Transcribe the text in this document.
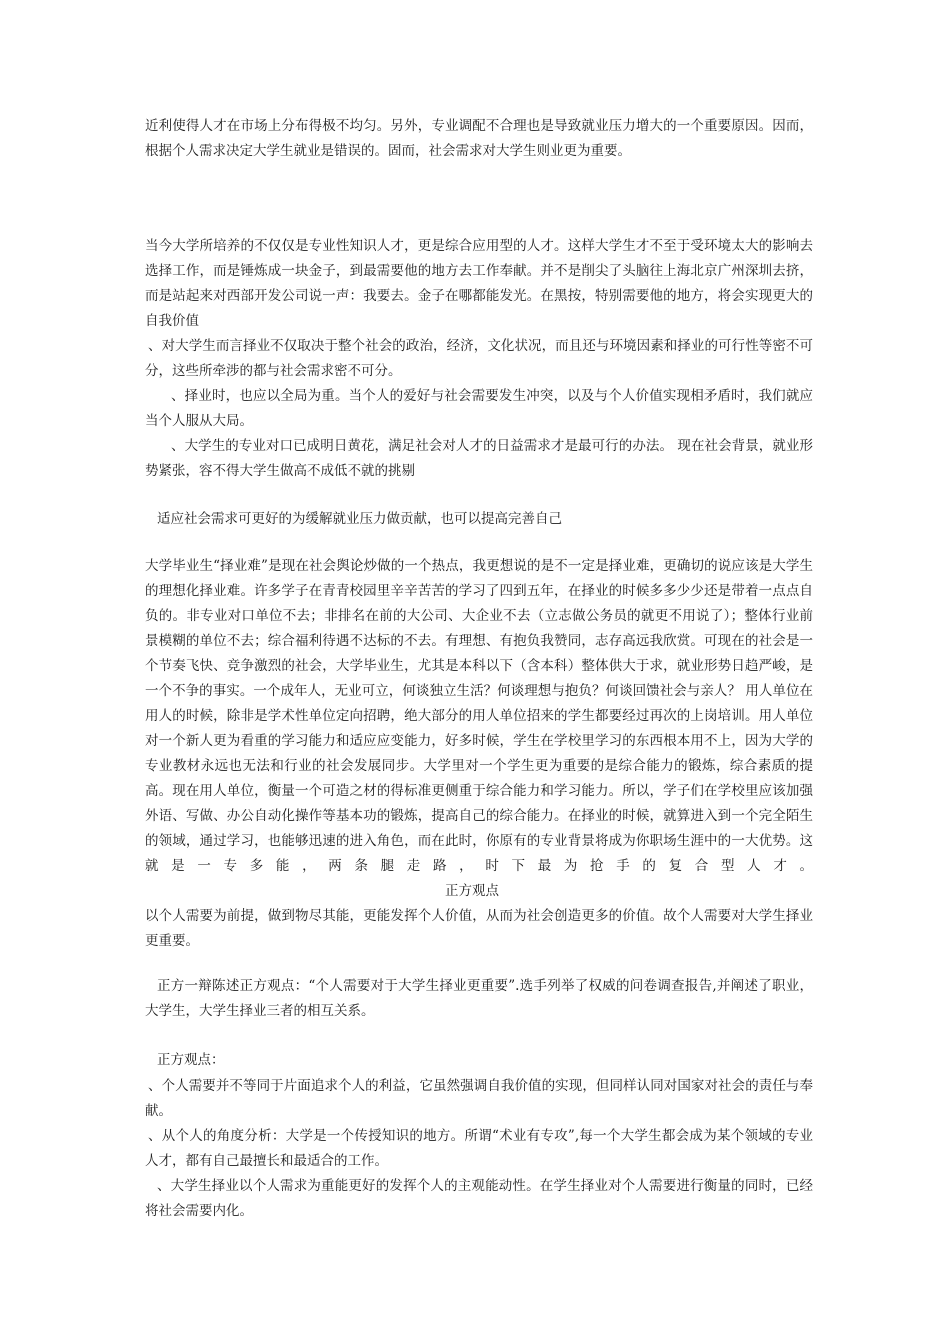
近利使得人才在市场上分布得极不均匀。另外，专业调配不合理也是导致就业压力增大的一个重要原因。因而，根据个人需求决定大学生就业是错误的。固而，社会需求对大学生则业更为重要。

当今大学所培养的不仅仅是专业性知识人才，更是综合应用型的人才。这样大学生才不至于受环境太大的影响去选择工作，而是锤炼成一块金子，到最需要他的地方去工作奉献。并不是削尖了头脑往上海北京广州深圳去挤，而是站起来对西部开发公司说一声：我要去。金子在哪都能发光。在黑按，特别需要他的地方，将会实现更大的自我价值

、对大学生而言择业不仅取决于整个社会的政治，经济，文化状况，而且还与环境因素和择业的可行性等密不可分，这些所牵涉的都与社会需求密不可分。

、择业时，也应以全局为重。当个人的爱好与社会需要发生冲突，以及与个人价值实现相矛盾时，我们就应当个人服从大局。

、大学生的专业对口已成明日黄花，满足社会对人才的日益需求才是最可行的办法。 现在社会背景，就业形势紧张，容不得大学生做高不成低不就的挑剔

适应社会需求可更好的为缓解就业压力做贡献，也可以提高完善自己

大学毕业生“择业难”是现在社会舆论炒做的一个热点，我更想说的是不一定是择业难，更确切的说应该是大学生的理想化择业难。许多学子在青青校园里辛辛苦苦的学习了四到五年，在择业的时候多多少少还是带着一点点自负的。非专业对口单位不去；非排名在前的大公司、大企业不去（立志做公务员的就更不用说了）；整体行业前景模糊的单位不去；综合福利待遇不达标的不去。有理想、有抱负我赞同，志存高远我欣赏。可现在的社会是一个节奏飞快、竞争激烈的社会，大学毕业生，尤其是本科以下（含本科）整体供大于求，就业形势日趋严峻，是一个不争的事实。一个成年人，无业可立，何谈独立生活？何谈理想与抱负？何谈回馈社会与亲人？ 用人单位在用人的时候，除非是学术性单位定向招聘，绝大部分的用人单位招来的学生都要经过再次的上岗培训。用人单位对一个新人更为看重的学习能力和适应应变能力，好多时候，学生在学校里学习的东西根本用不上，因为大学的专业教材永远也无法和行业的社会发展同步。大学里对一个学生更为重要的是综合能力的锻炼，综合素质的提高。现在用人单位，衡量一个可造之材的得标准更侧重于综合能力和学习能力。所以，学子们在学校里应该加强外语、写做、办公自动化操作等基本功的锻炼，提高自己的综合能力。在择业的时候，就算进入到一个完全陌生的领域，通过学习，也能够迅速的进入角色，而在此时，你原有的专业背景将成为你职场生涯中的一大优势。这就是一专多能，两条腿走路，时下最为抢手的复合型人才。正方观点

以个人需要为前提，做到物尽其能，更能发挥个人价值，从而为社会创造更多的价值。故个人需要对大学生择业更重要。

正方一辩陈述正方观点：“个人需要对于大学生择业更重要”.选手列举了权威的问卷调查报告,并阐述了职业，大学生，大学生择业三者的相互关系。

正方观点：

、个人需要并不等同于片面追求个人的利益，它虽然强调自我价值的实现，但同样认同对国家对社会的责任与奉献。

、从个人的角度分析：大学是一个传授知识的地方。所谓“术业有专攻”,每一个大学生都会成为某个领域的专业人才，都有自己最擅长和最适合的工作。

、大学生择业以个人需求为重能更好的发挥个人的主观能动性。在学生择业对个人需要进行衡量的同时，已经将社会需要内化。
